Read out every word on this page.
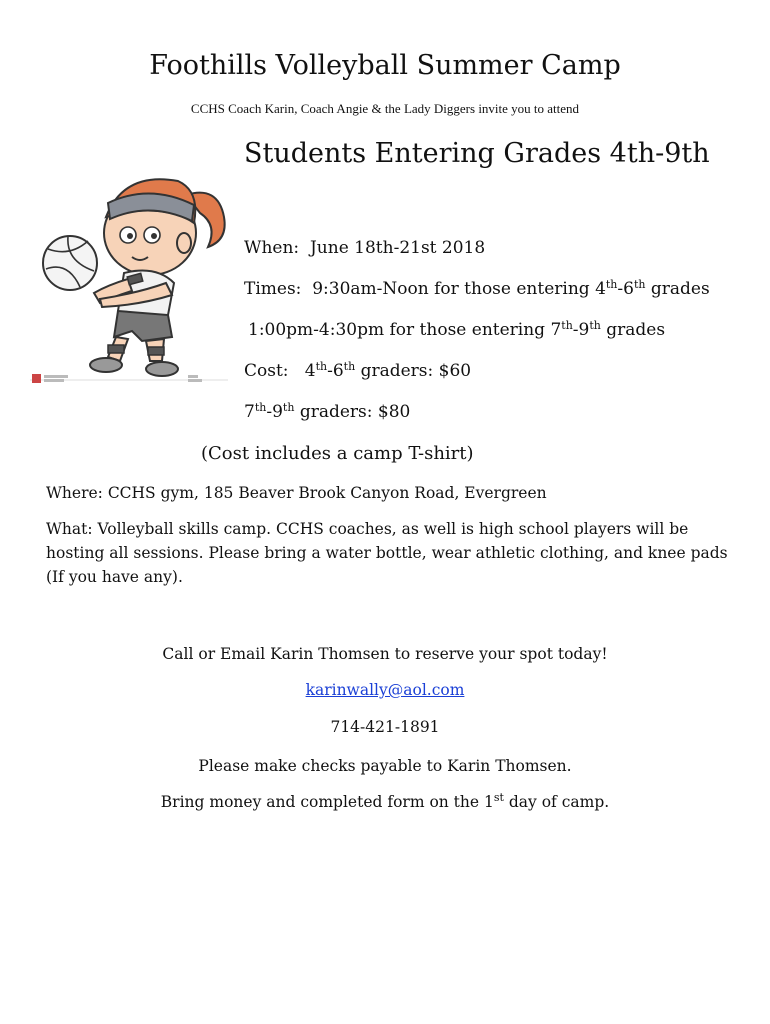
Foothills Volleyball Summer Camp
CCHS Coach Karin, Coach Angie & the Lady Diggers invite you to attend
Students Entering Grades 4th-9th
When: June 18th-21st 2018
Times: 9:30am-Noon for those entering 4th-6th grades
1:00pm-4:30pm for those entering 7th-9th grades
Cost: 4th-6th graders: $60
7th-9th graders: $80
(Cost includes a camp T-shirt)
Where: CCHS gym, 185 Beaver Brook Canyon Road, Evergreen
What: Volleyball skills camp. CCHS coaches, as well is high school players will be hosting all sessions. Please bring a water bottle, wear athletic clothing, and knee pads (If you have any).
Call or Email Karin Thomsen to reserve your spot today!
karinwally@aol.com
714-421-1891
Please make checks payable to Karin Thomsen.
Bring money and completed form on the 1st day of camp.
